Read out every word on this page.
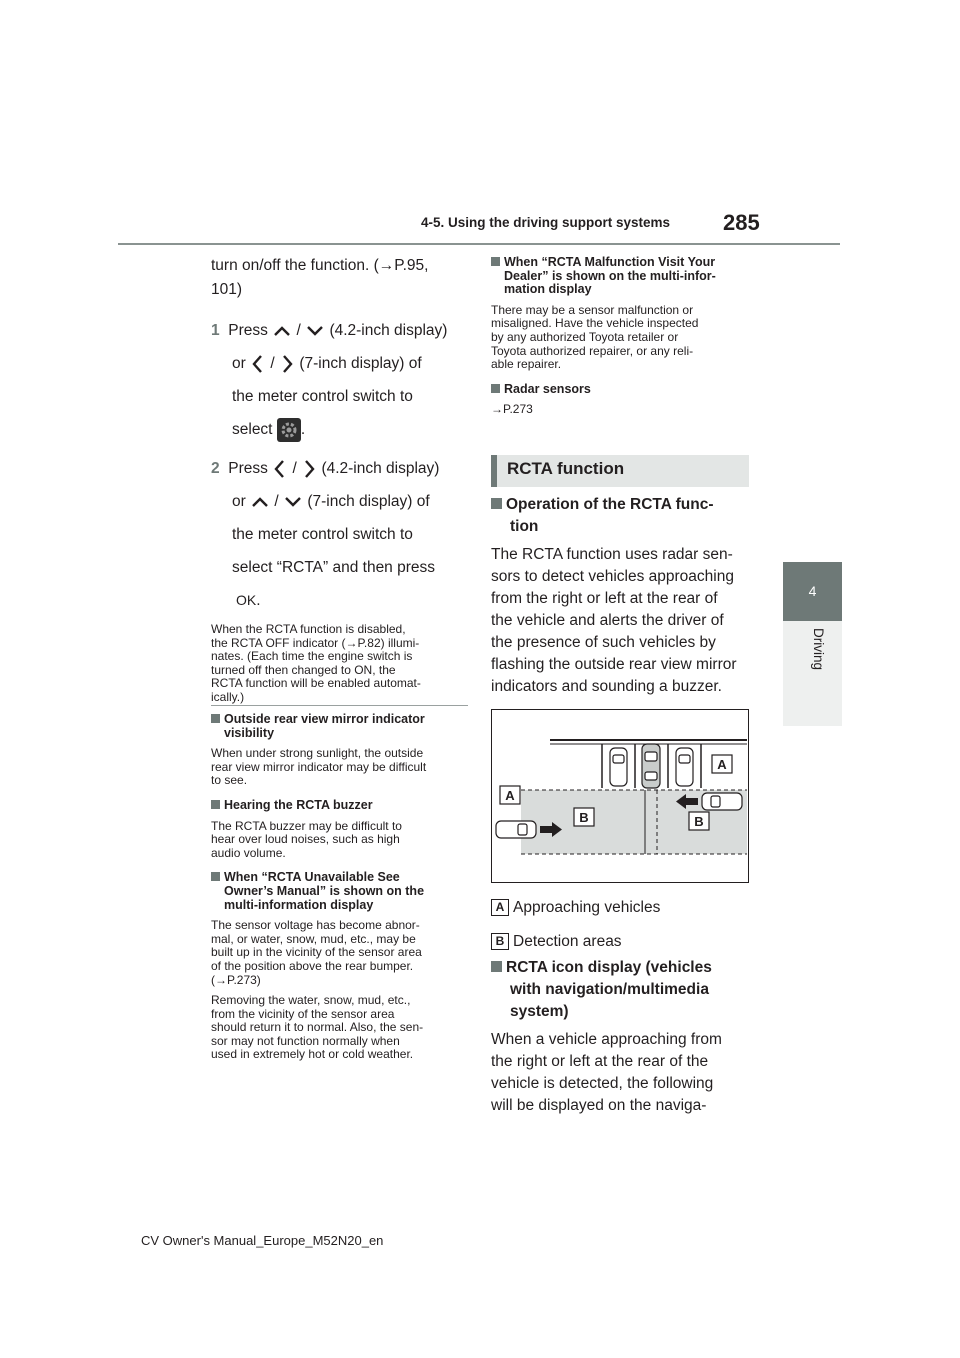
4-5. Using the driving support systems 285
4
Driving
turn on/off the function. (→P.95,
101)
1 Press / (4.2-inch display)
or / (7-inch display) of
the meter control switch to
select .
2 Press / (4.2-inch display)
or / (7-inch display) of
the meter control switch to
select “RCTA” and then press
OK.
When the RCTA function is disabled,
the RCTA OFF indicator (→P.82) illumi-
nates. (Each time the engine switch is
turned off then changed to ON, the
RCTA function will be enabled automat-
ically.)
Outside rear view mirror indicator
visibility
When under strong sunlight, the outside
rear view mirror indicator may be difficult
to see.
Hearing the RCTA buzzer
The RCTA buzzer may be difficult to
hear over loud noises, such as high
audio volume.
When “RCTA Unavailable See
Owner’s Manual” is shown on the
multi-information display
The sensor voltage has become abnor-
mal, or water, snow, mud, etc., may be
built up in the vicinity of the sensor area
of the position above the rear bumper.
(→P.273)
Removing the water, snow, mud, etc.,
from the vicinity of the sensor area
should return it to normal. Also, the sen-
sor may not function normally when
used in extremely hot or cold weather.
When “RCTA Malfunction Visit Your
Dealer” is shown on the multi-infor-
mation display
There may be a sensor malfunction or
misaligned. Have the vehicle inspected
by any authorized Toyota retailer or
Toyota authorized repairer, or any reli-
able repairer.
Radar sensors
→P.273
RCTA function
Operation of the RCTA func-
tion
The RCTA function uses radar sen-
sors to detect vehicles approaching
from the right or left at the rear of
the vehicle and alerts the driver of
the presence of such vehicles by
flashing the outside rear view mirror
indicators and sounding a buzzer.
A
A
B	B
A Approaching vehicles
B Detection areas
RCTA icon display (vehicles
with navigation/multimedia
system)
When a vehicle approaching from
the right or left at the rear of the
vehicle is detected, the following
will be displayed on the naviga-
CV Owner's Manual_Europe_M52N20_en
